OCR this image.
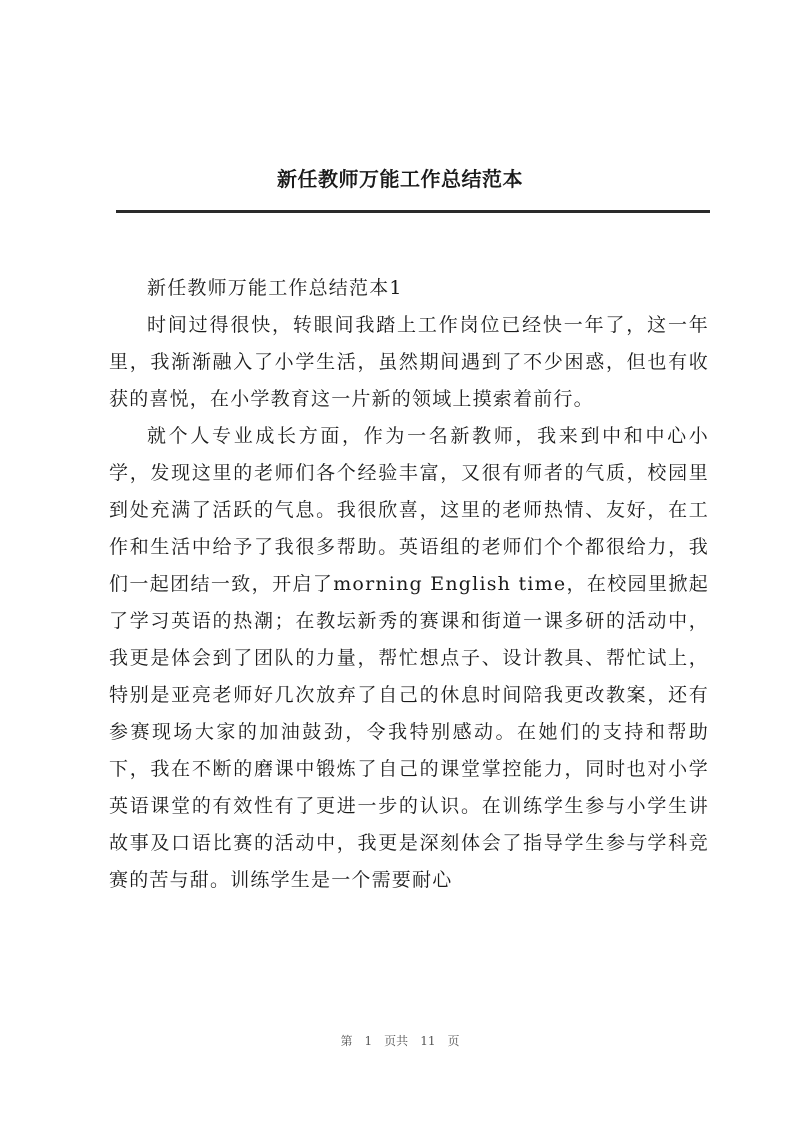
新任教师万能工作总结范本

新任教师万能工作总结范本1

时间过得很快，转眼间我踏上工作岗位已经快一年了，这一年里，我渐渐融入了小学生活，虽然期间遇到了不少困惑，但也有收获的喜悦，在小学教育这一片新的领域上摸索着前行。

就个人专业成长方面，作为一名新教师，我来到中和中心小学，发现这里的老师们各个经验丰富，又很有师者的气质，校园里到处充满了活跃的气息。我很欣喜，这里的老师热情、友好，在工作和生活中给予了我很多帮助。英语组的老师们个个都很给力，我们一起团结一致，开启了morning English time，在校园里掀起了学习英语的热潮；在教坛新秀的赛课和街道一课多研的活动中，我更是体会到了团队的力量，帮忙想点子、设计教具、帮忙试上，特别是亚亮老师好几次放弃了自己的休息时间陪我更改教案，还有参赛现场大家的加油鼓劲，令我特别感动。在她们的支持和帮助下，我在不断的磨课中锻炼了自己的课堂掌控能力，同时也对小学英语课堂的有效性有了更进一步的认识。在训练学生参与小学生讲故事及口语比赛的活动中，我更是深刻体会了指导学生参与学科竞赛的苦与甜。训练学生是一个需要耐心

第 1 页共 11 页
